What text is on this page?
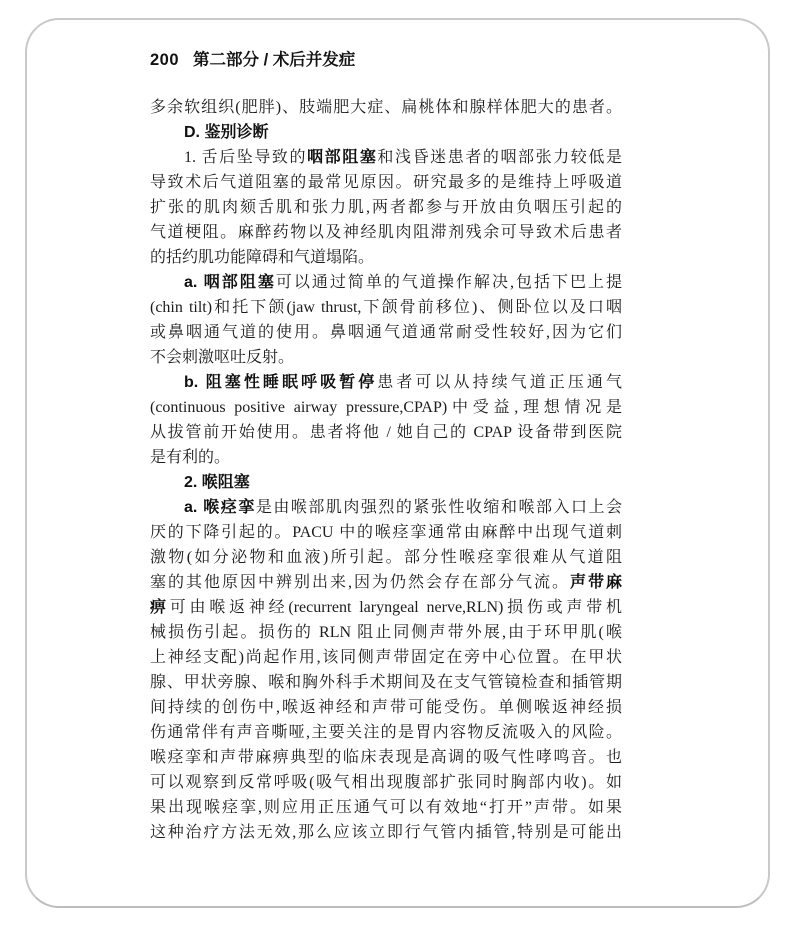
200 第二部分 / 术后并发症
多余软组织(肥胖)、肢端肥大症、扁桃体和腺样体肥大的患者。
D. 鉴别诊断
1. 舌后坠导致的咽部阻塞和浅昏迷患者的咽部张力较低是
导致术后气道阻塞的最常见原因。研究最多的是维持上呼吸道
扩张的肌肉颏舌肌和张力肌,两者都参与开放由负咽压引起的
气道梗阻。麻醉药物以及神经肌肉阻滞剂残余可导致术后患者
的括约肌功能障碍和气道塌陷。
a. 咽部阻塞可以通过简单的气道操作解决,包括下巴上提
(chin tilt)和托下颌(jaw thrust,下颌骨前移位)、侧卧位以及口咽
或鼻咽通气道的使用。鼻咽通气道通常耐受性较好,因为它们
不会刺激呕吐反射。
b. 阻塞性睡眠呼吸暂停患者可以从持续气道正压通气
(continuous positive airway pressure,CPAP)中受益,理想情况是
从拔管前开始使用。患者将他 / 她自己的 CPAP 设备带到医院
是有利的。
2. 喉阻塞
a. 喉痉挛是由喉部肌肉强烈的紧张性收缩和喉部入口上会
厌的下降引起的。PACU 中的喉痉挛通常由麻醉中出现气道刺
激物(如分泌物和血液)所引起。部分性喉痉挛很难从气道阻
塞的其他原因中辨别出来,因为仍然会存在部分气流。声带麻
痹可由喉返神经(recurrent laryngeal nerve,RLN)损伤或声带机
械损伤引起。损伤的 RLN 阻止同侧声带外展,由于环甲肌(喉
上神经支配)尚起作用,该同侧声带固定在旁中心位置。在甲状
腺、甲状旁腺、喉和胸外科手术期间及在支气管镜检查和插管期
间持续的创伤中,喉返神经和声带可能受伤。单侧喉返神经损
伤通常伴有声音嘶哑,主要关注的是胃内容物反流吸入的风险。
喉痉挛和声带麻痹典型的临床表现是高调的吸气性哮鸣音。也
可以观察到反常呼吸(吸气相出现腹部扩张同时胸部内收)。如
果出现喉痉挛,则应用正压通气可以有效地“打开”声带。如果
这种治疗方法无效,那么应该立即行气管内插管,特别是可能出
